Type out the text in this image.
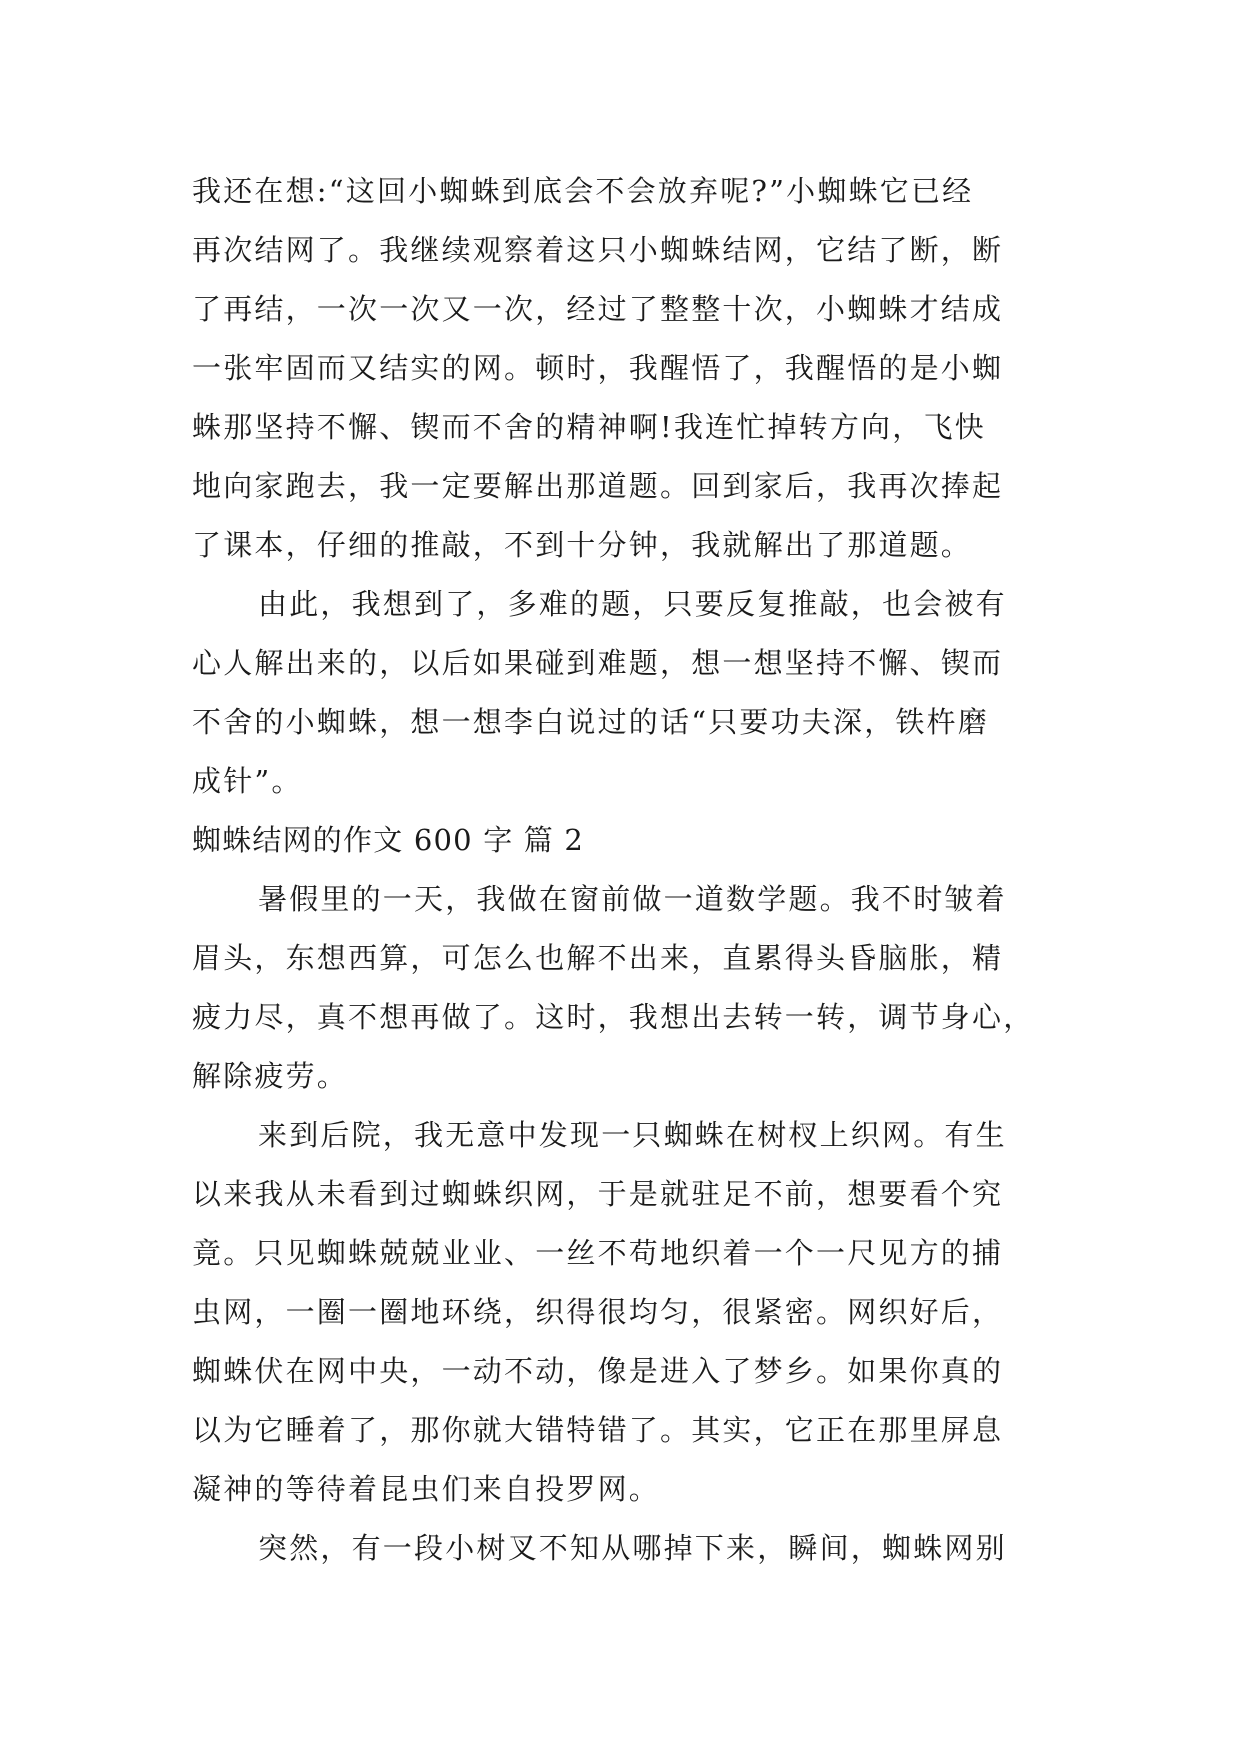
我还在想:“这回小蜘蛛到底会不会放弃呢?”小蜘蛛它已经
再次结网了。我继续观察着这只小蜘蛛结网，它结了断，断
了再结，一次一次又一次，经过了整整十次，小蜘蛛才结成
一张牢固而又结实的网。顿时，我醒悟了，我醒悟的是小蜘
蛛那坚持不懈、锲而不舍的精神啊!我连忙掉转方向，飞快
地向家跑去，我一定要解出那道题。回到家后，我再次捧起
了课本，仔细的推敲，不到十分钟，我就解出了那道题。
由此，我想到了，多难的题，只要反复推敲，也会被有
心人解出来的，以后如果碰到难题，想一想坚持不懈、锲而
不舍的小蜘蛛，想一想李白说过的话“只要功夫深，铁杵磨
成针”。
蜘蛛结网的作文 600 字 篇 2
暑假里的一天，我做在窗前做一道数学题。我不时皱着
眉头，东想西算，可怎么也解不出来，直累得头昏脑胀，精
疲力尽，真不想再做了。这时，我想出去转一转，调节身心，
解除疲劳。
来到后院，我无意中发现一只蜘蛛在树杈上织网。有生
以来我从未看到过蜘蛛织网，于是就驻足不前，想要看个究
竟。只见蜘蛛兢兢业业、一丝不苟地织着一个一尺见方的捕
虫网，一圈一圈地环绕，织得很均匀，很紧密。网织好后，
蜘蛛伏在网中央，一动不动，像是进入了梦乡。如果你真的
以为它睡着了，那你就大错特错了。其实，它正在那里屏息
凝神的等待着昆虫们来自投罗网。
突然，有一段小树叉不知从哪掉下来，瞬间，蜘蛛网别
